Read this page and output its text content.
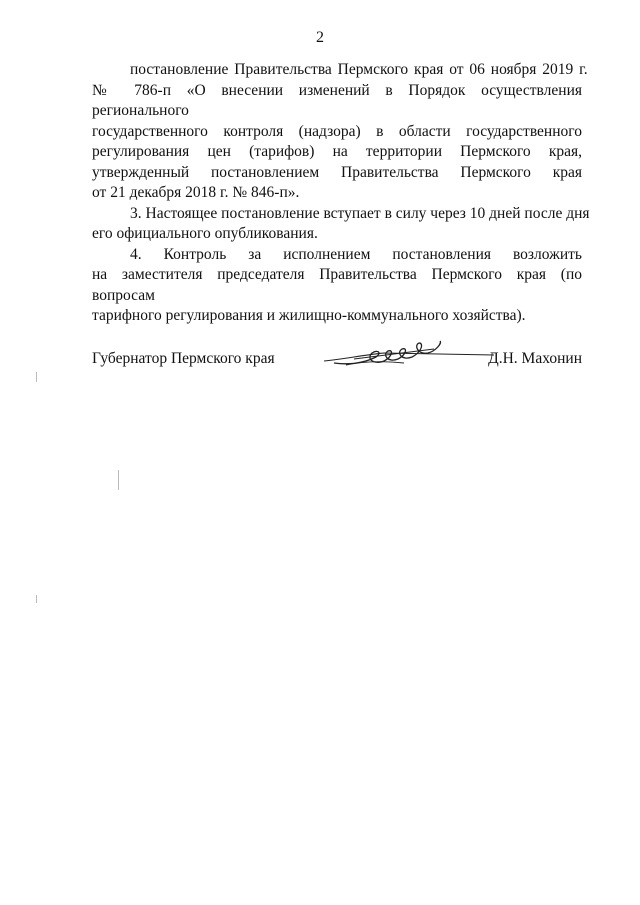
2
постановление Правительства Пермского края от 06 ноября 2019 г.
№ 786-п «О внесении изменений в Порядок осуществления регионального
государственного контроля (надзора) в области государственного
регулирования цен (тарифов) на территории Пермского края,
утвержденный постановлением Правительства Пермского края
от 21 декабря 2018 г. № 846-п».
3. Настоящее постановление вступает в силу через 10 дней после дня
его официального опубликования.
4. Контроль за исполнением постановления возложить
на заместителя председателя Правительства Пермского края (по вопросам
тарифного регулирования и жилищно-коммунального хозяйства).
Губернатор Пермского края	Д.Н. Махонин
